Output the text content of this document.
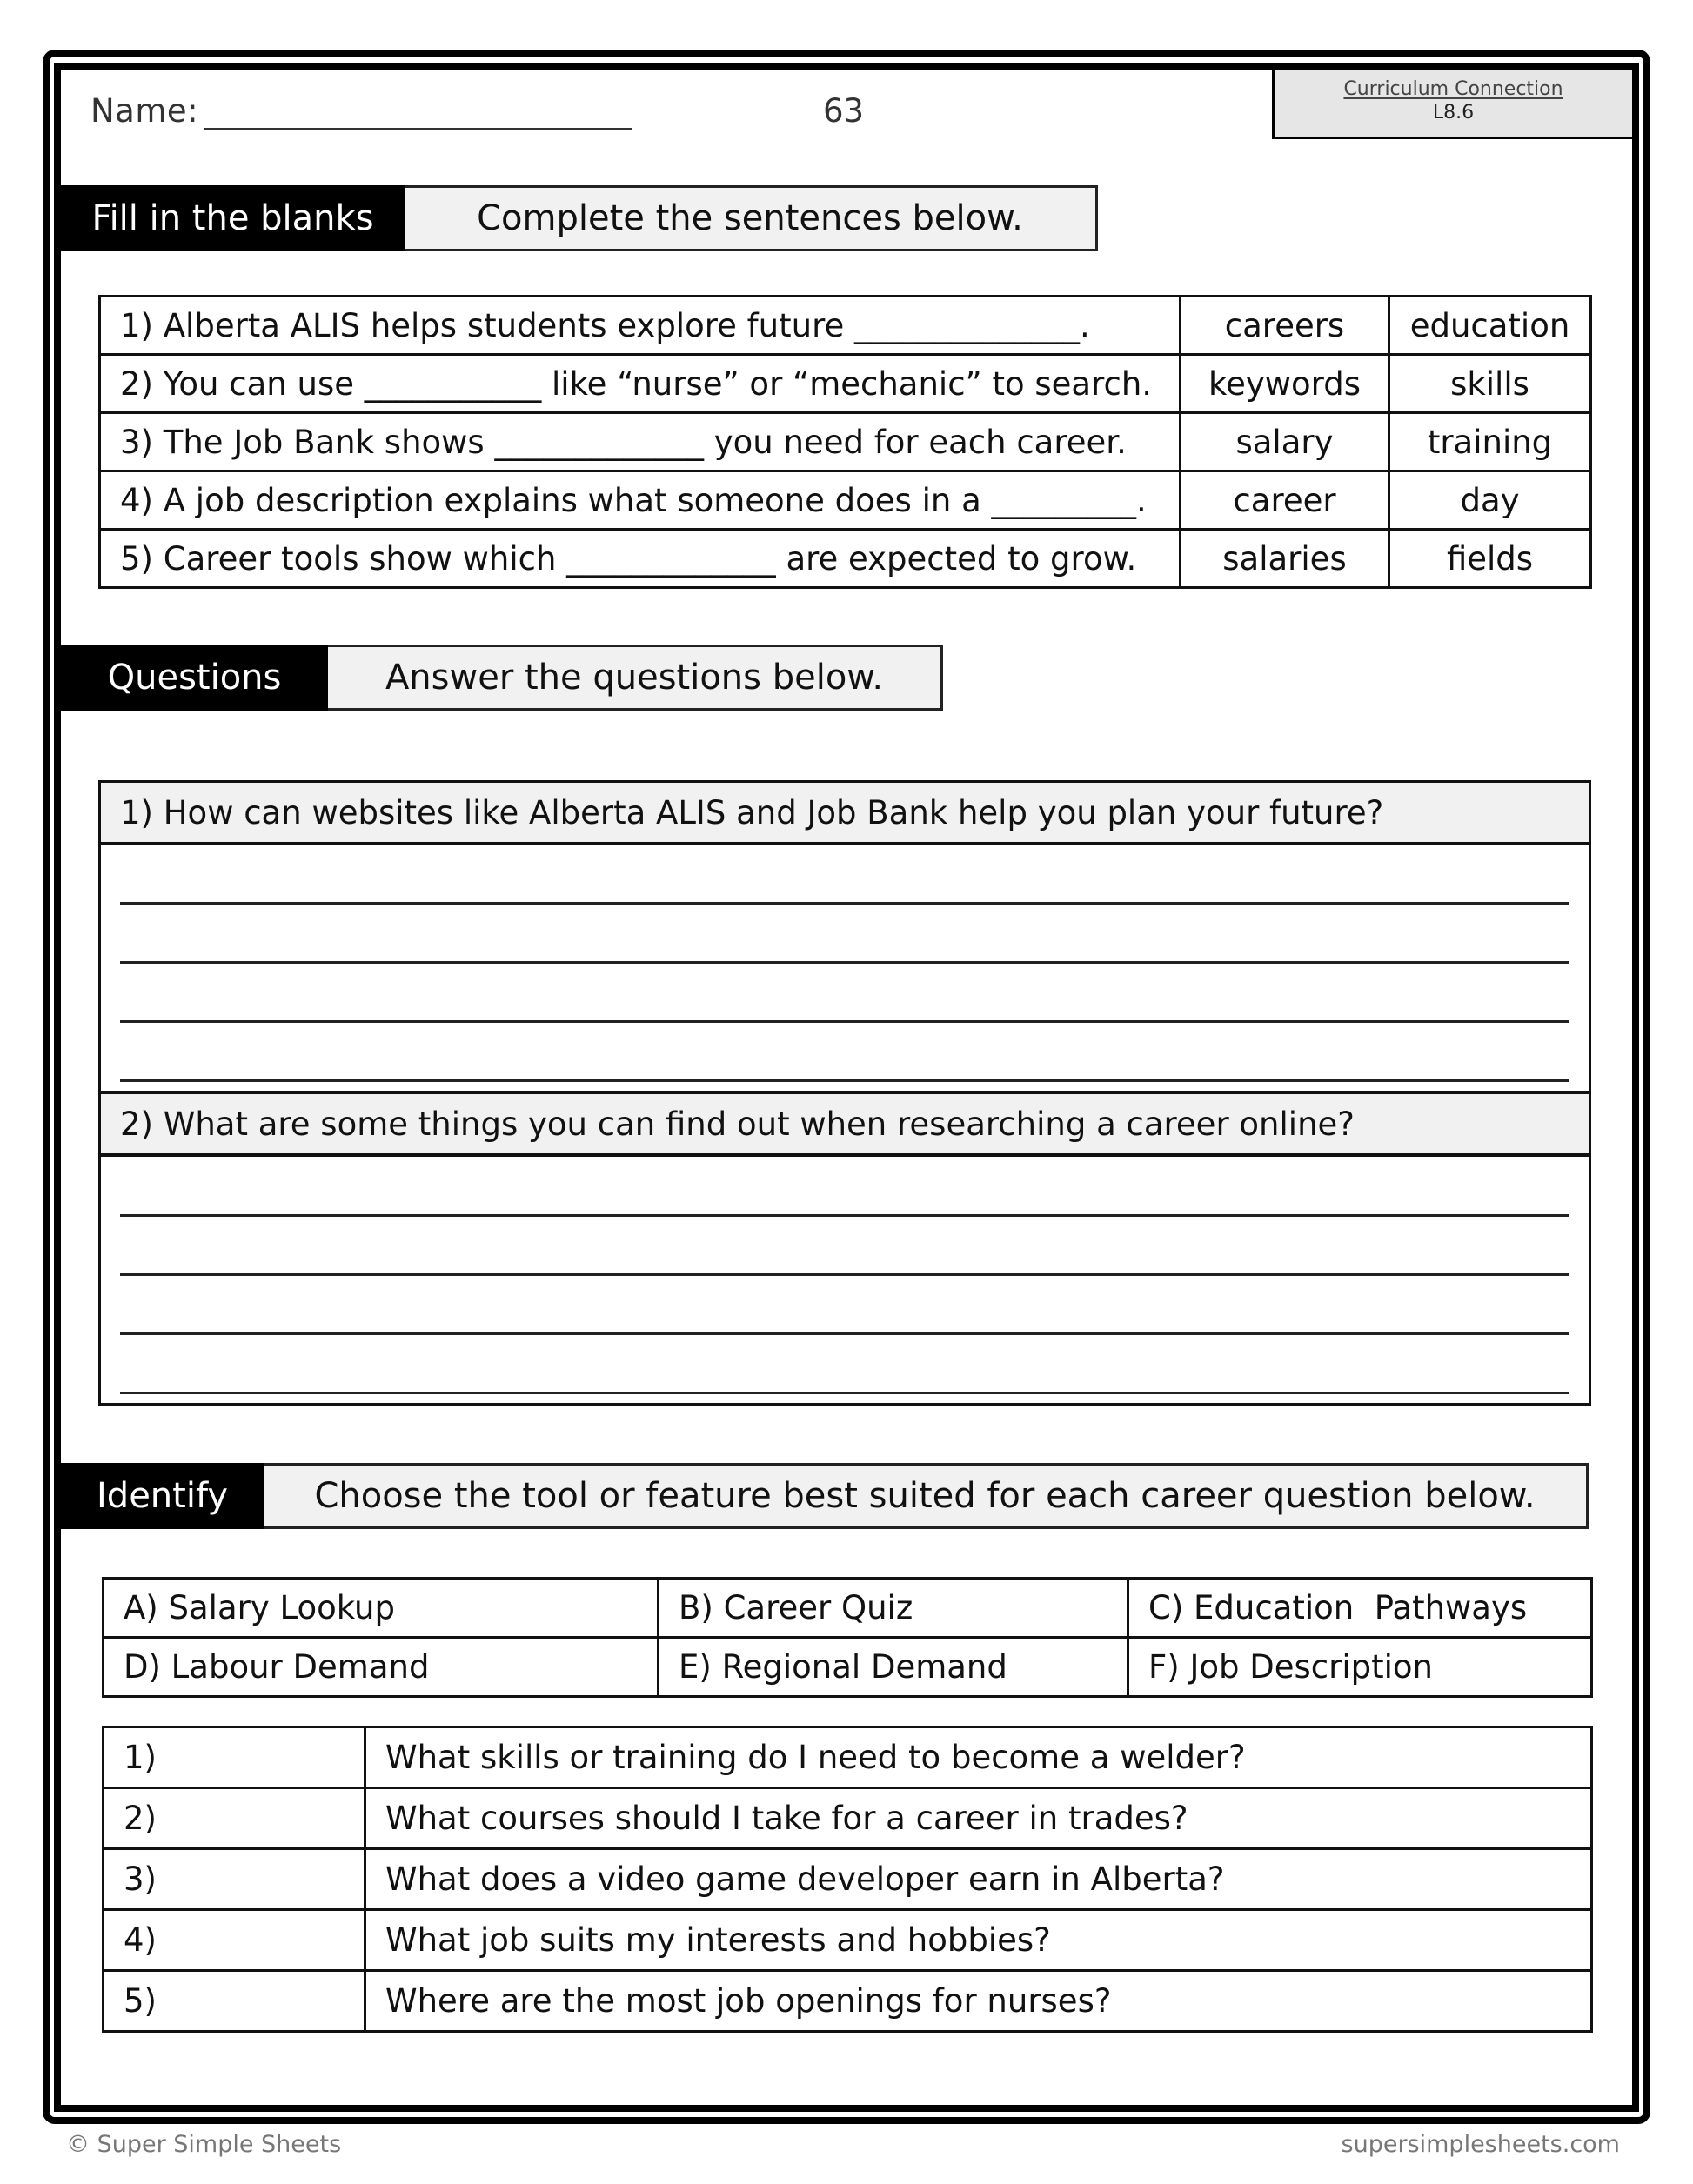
Name:	63
Curriculum Connection
L8.6
Fill in the blanks	Complete the sentences below.
1) Alberta ALIS helps students explore future ______________.	careers	education
2) You can use ___________ like “nurse” or “mechanic” to search.	keywords	skills
3) The Job Bank shows _____________ you need for each career.	salary	training
4) A job description explains what someone does in a _________.	career	day
5) Career tools show which _____________ are expected to grow.	salaries	fields
Questions	Answer the questions below.
1) How can websites like Alberta ALIS and Job Bank help you plan your future?
2) What are some things you can find out when researching a career online?
Identify	Choose the tool or feature best suited for each career question below.
A) Salary Lookup	B) Career Quiz	C) Education  Pathways
D) Labour Demand	E) Regional Demand	F) Job Description
1)	What skills or training do I need to become a welder?
2)	What courses should I take for a career in trades?
3)	What does a video game developer earn in Alberta?
4)	What job suits my interests and hobbies?
5)	Where are the most job openings for nurses?
© Super Simple Sheets	supersimplesheets.com
